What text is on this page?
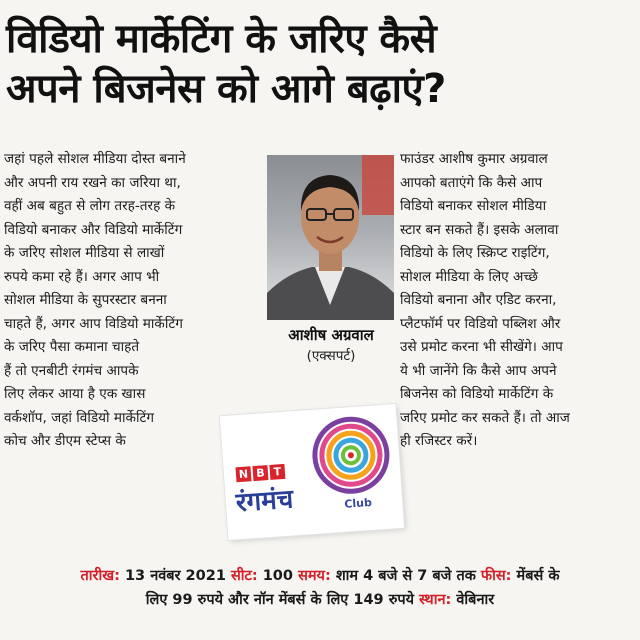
विडियो मार्केटिंग के जरिए कैसे
अपने बिजनेस को आगे बढ़ाएं?
जहां पहले सोशल मीडिया दोस्त बनाने
और अपनी राय रखने का जरिया था,
वहीं अब बहुत से लोग तरह-तरह के
विडियो बनाकर और विडियो मार्केटिंग
के जरिए सोशल मीडिया से लाखों
रुपये कमा रहे हैं। अगर आप भी
सोशल मीडिया के सुपरस्टार बनना
चाहते हैं, अगर आप विडियो मार्केटिंग
के जरिए पैसा कमाना चाहते
हैं तो एनबीटी रंगमंच आपके
लिए लेकर आया है एक खास
वर्कशॉप, जहां विडियो मार्केटिंग
कोच और डीएम स्टेप्स के
आशीष अग्रवाल
(एक्सपर्ट)
N B T
रंगमंच	Club
फाउंडर आशीष कुमार अग्रवाल
आपको बताएंगे कि कैसे आप
विडियो बनाकर सोशल मीडिया
स्टार बन सकते हैं। इसके अलावा
विडियो के लिए स्क्रिप्ट राइटिंग,
सोशल मीडिया के लिए अच्छे
विडियो बनाना और एडिट करना,
प्लैटफॉर्म पर विडियो पब्लिश और
उसे प्रमोट करना भी सीखेंगे। आप
ये भी जानेंगे कि कैसे आप अपने
बिजनेस को विडियो मार्केटिंग के
जरिए प्रमोट कर सकते हैं। तो आज
ही रजिस्टर करें।
तारीख: 13 नवंबर 2021 सीट: 100 समय: शाम 4 बजे से 7 बजे तक फीस: मेंबर्स के
लिए 99 रुपये और नॉन मेंबर्स के लिए 149 रुपये स्थान: वेबिनार
